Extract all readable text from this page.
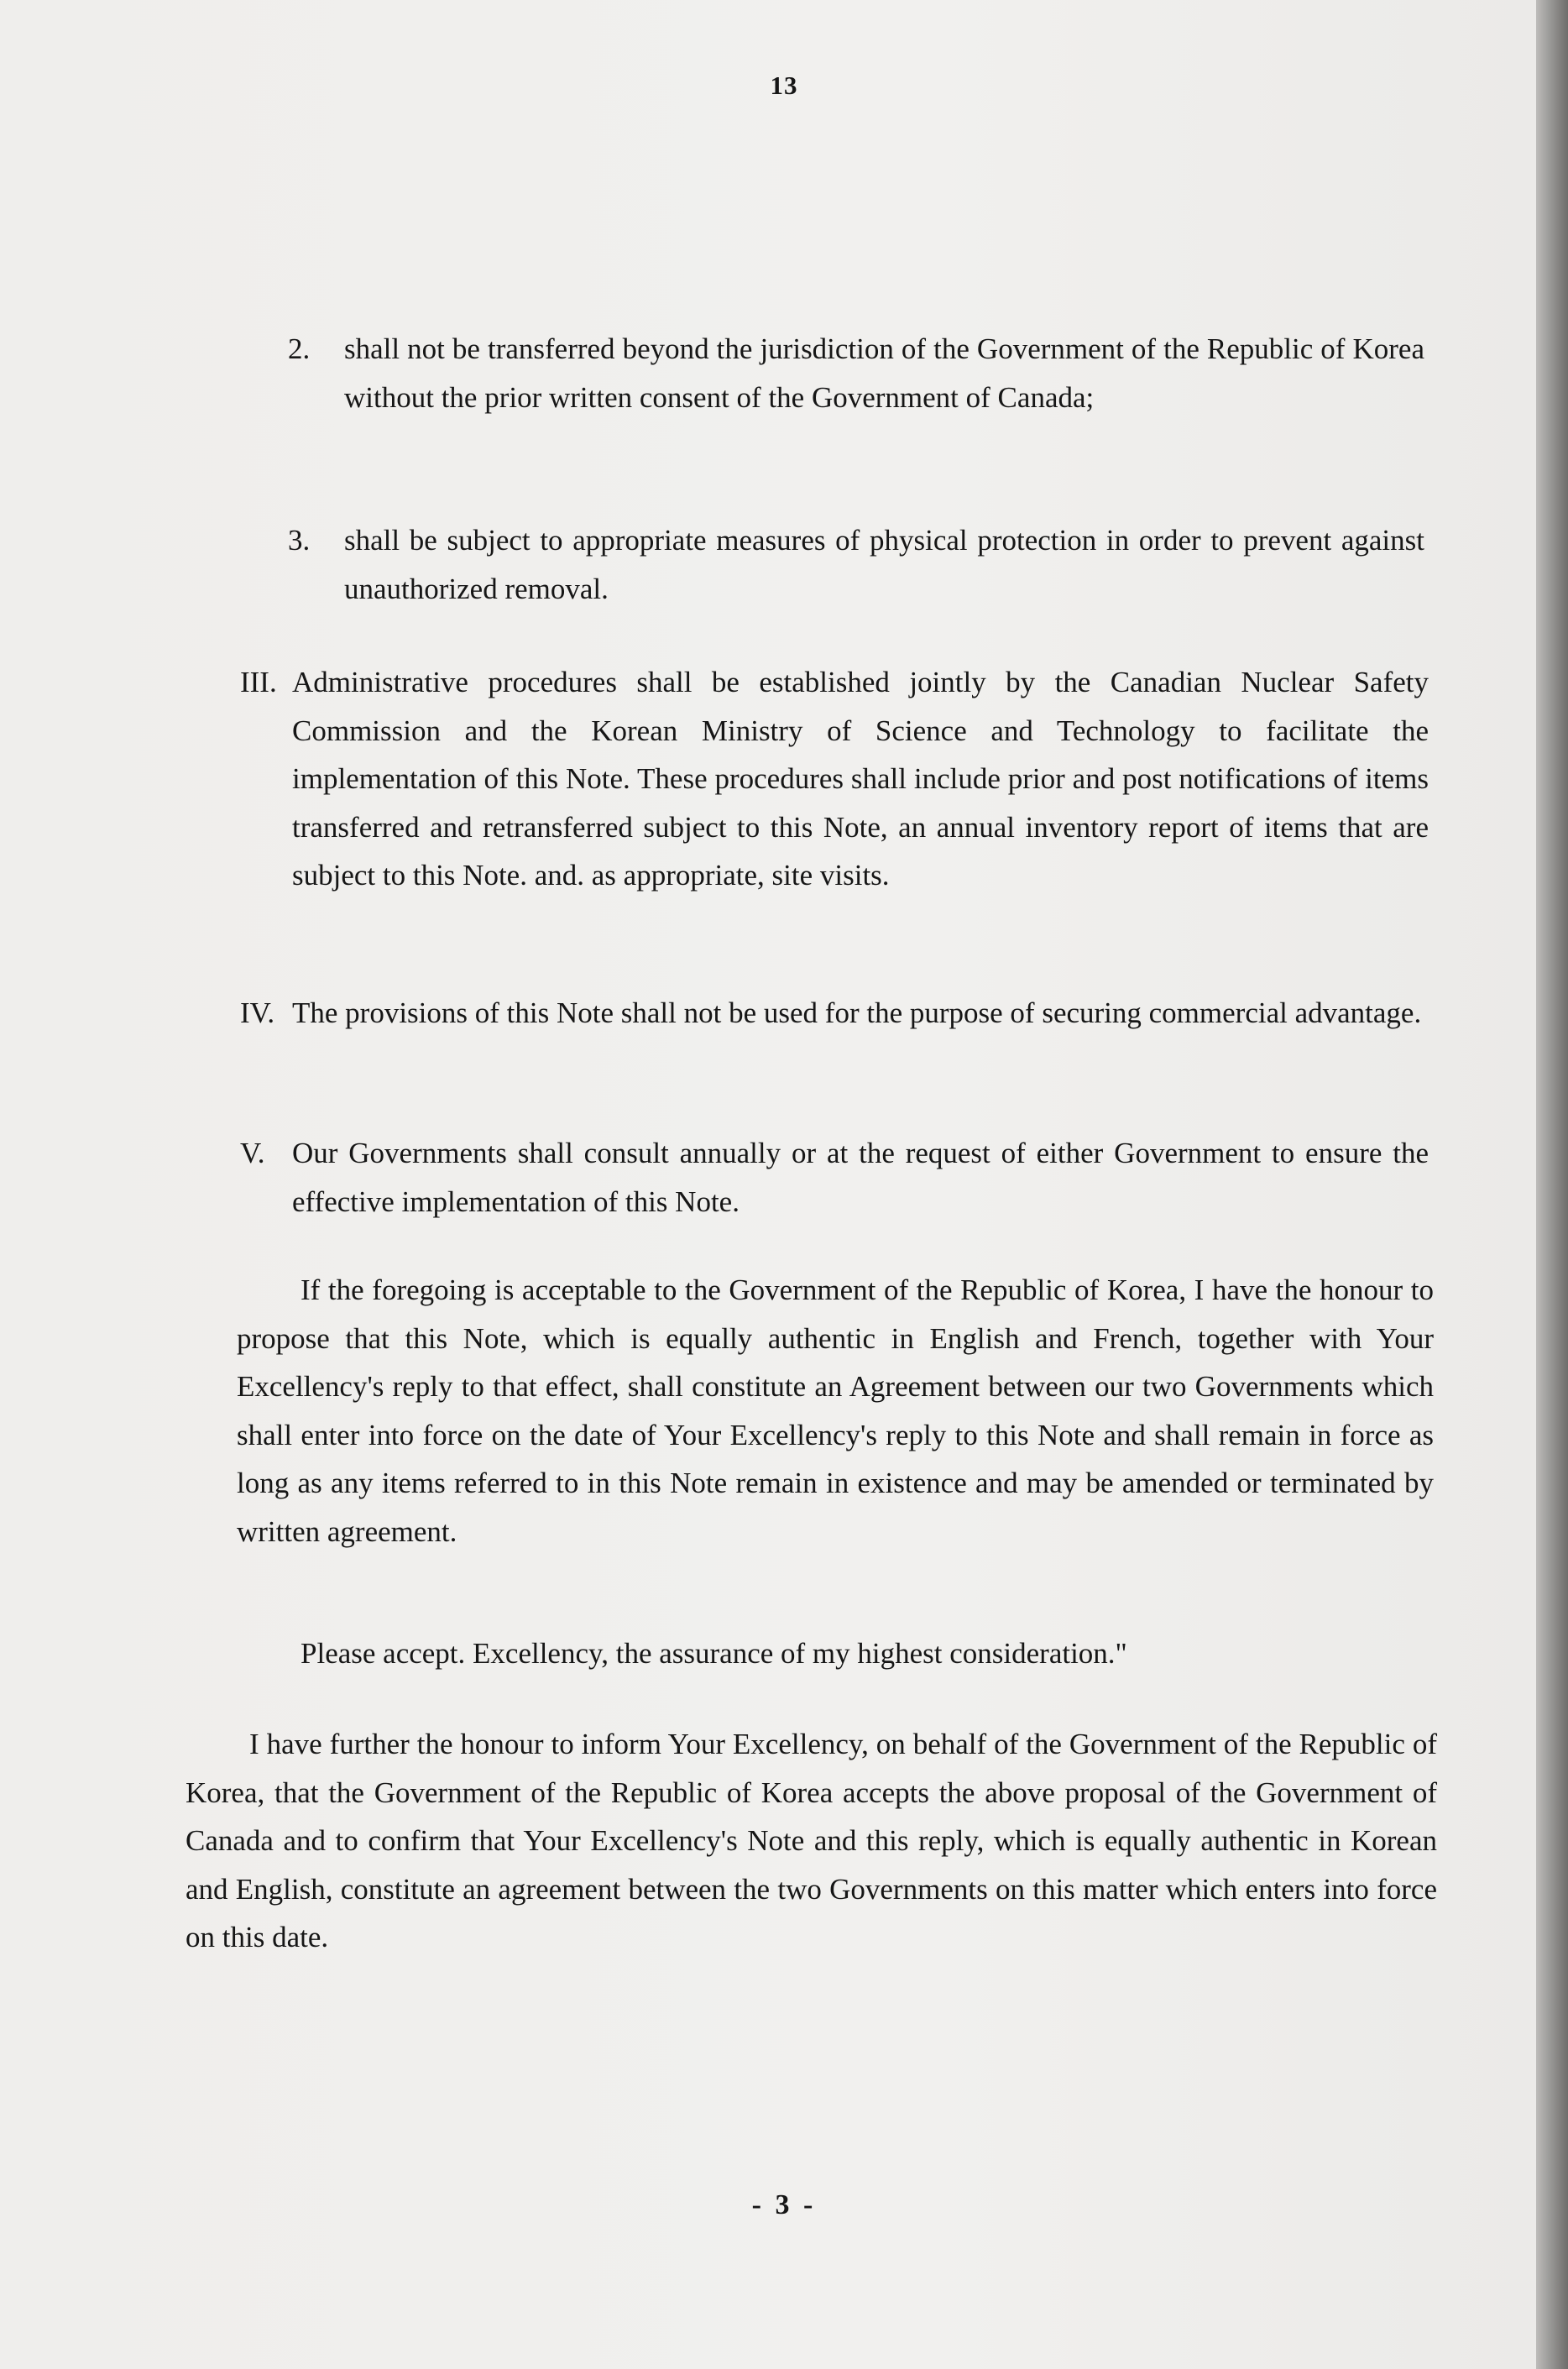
13
2.	shall not be transferred beyond the jurisdiction of the Government of the Republic of Korea without the prior written consent of the Government of Canada;
3.	shall be subject to appropriate measures of physical protection in order to prevent against unauthorized removal.
III. Administrative procedures shall be established jointly by the Canadian Nuclear Safety Commission and the Korean Ministry of Science and Technology to facilitate the implementation of this Note. These procedures shall include prior and post notifications of items transferred and retransferred subject to this Note, an annual inventory report of items that are subject to this Note. and. as appropriate, site visits.
IV. The provisions of this Note shall not be used for the purpose of securing commercial advantage.
V. Our Governments shall consult annually or at the request of either Government to ensure the effective implementation of this Note.

If the foregoing is acceptable to the Government of the Republic of Korea, I have the honour to propose that this Note, which is equally authentic in English and French, together with Your Excellency's reply to that effect, shall constitute an Agreement between our two Governments which shall enter into force on the date of Your Excellency's reply to this Note and shall remain in force as long as any items referred to in this Note remain in existence and may be amended or terminated by written agreement.

Please accept. Excellency, the assurance of my highest consideration."

I have further the honour to inform Your Excellency, on behalf of the Government of the Republic of Korea, that the Government of the Republic of Korea accepts the above proposal of the Government of Canada and to confirm that Your Excellency's Note and this reply, which is equally authentic in Korean and English, constitute an agreement between the two Governments on this matter which enters into force on this date.

- 3 -
